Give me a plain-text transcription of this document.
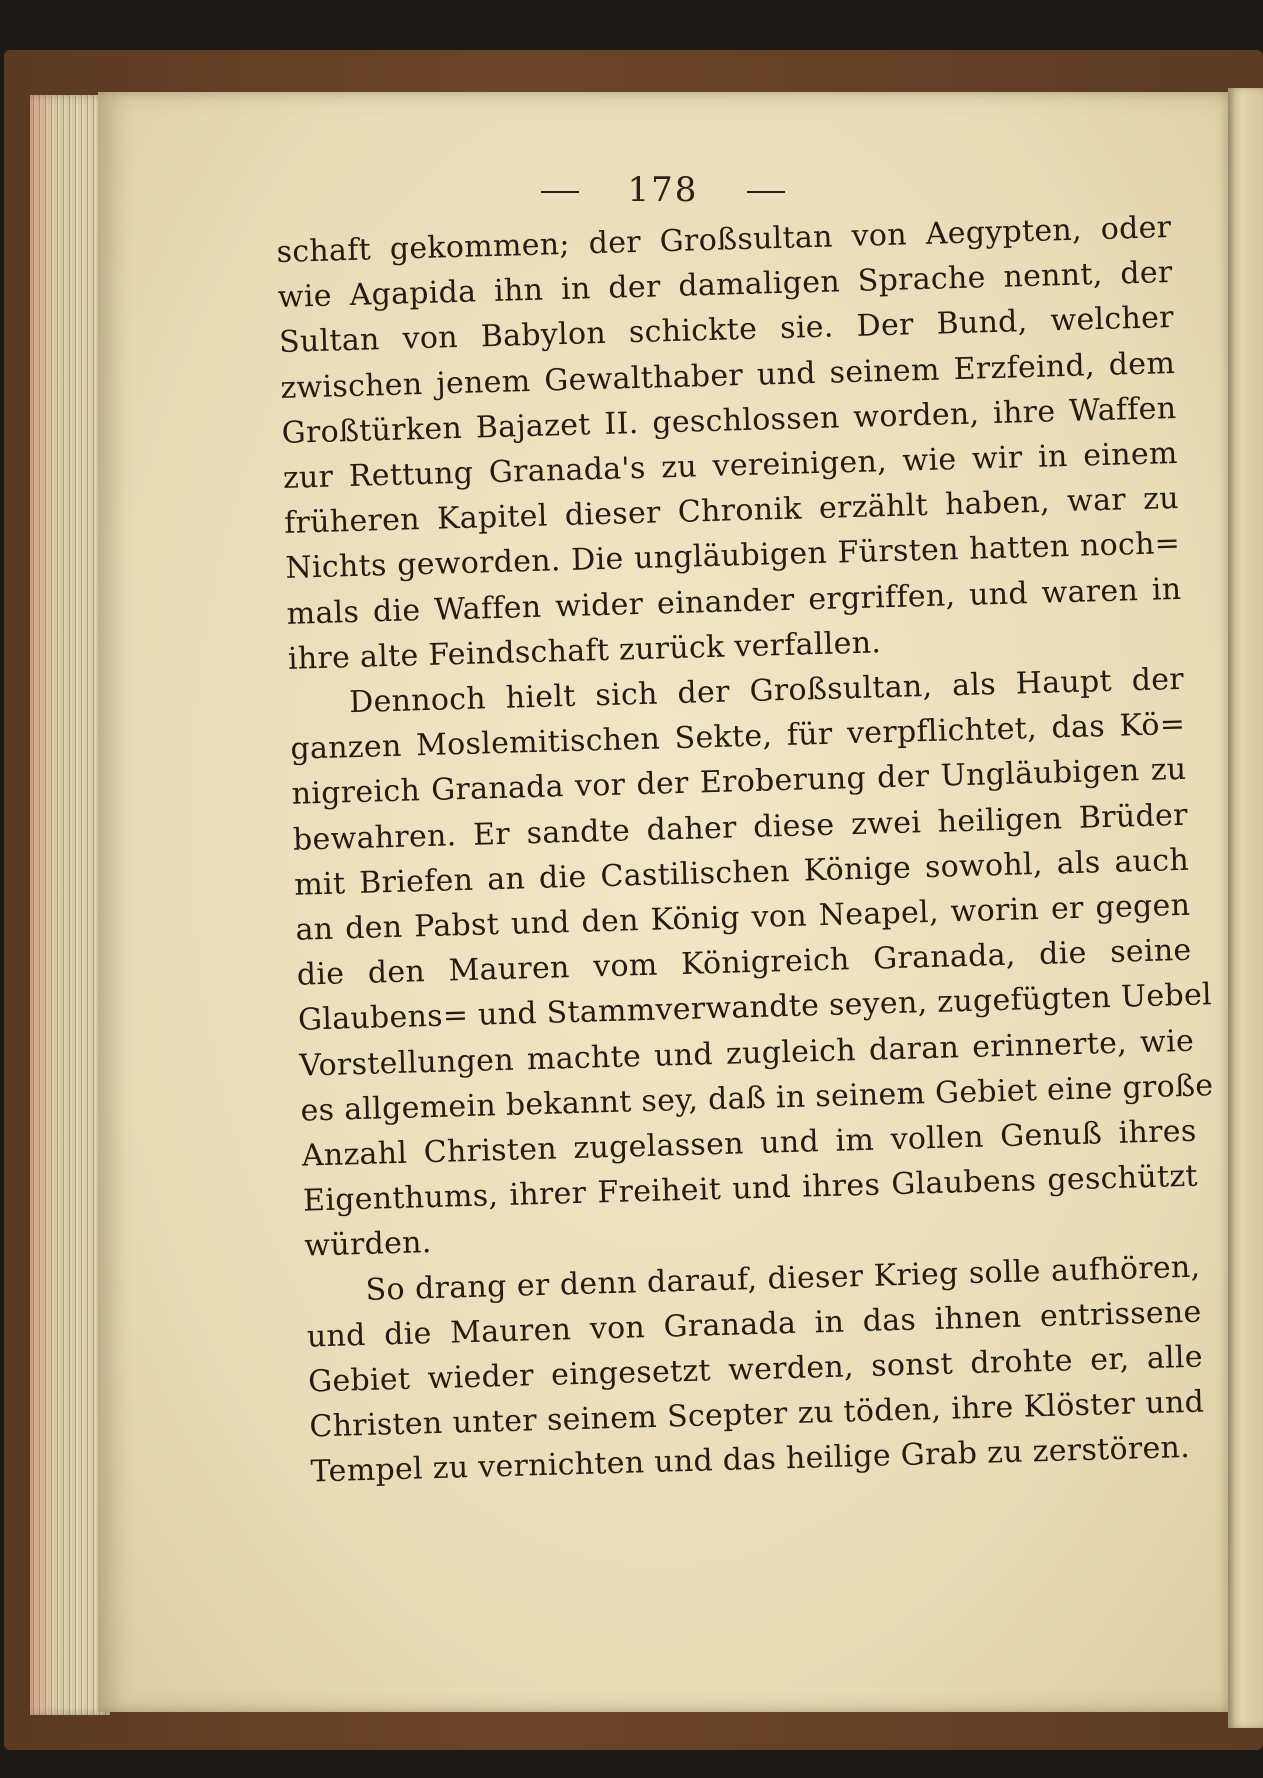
178
schaft gekommen; der Großsultan von Aegypten, oder
wie Agapida ihn in der damaligen Sprache nennt, der
Sultan von Babylon schickte sie. Der Bund, welcher
zwischen jenem Gewalthaber und seinem Erzfeind, dem
Großtürken Bajazet II. geschlossen worden, ihre Waffen
zur Rettung Granada's zu vereinigen, wie wir in einem
früheren Kapitel dieser Chronik erzählt haben, war zu
Nichts geworden. Die ungläubigen Fürsten hatten noch=
mals die Waffen wider einander ergriffen, und waren in
ihre alte Feindschaft zurück verfallen.
Dennoch hielt sich der Großsultan, als Haupt der
ganzen Moslemitischen Sekte, für verpflichtet, das Kö=
nigreich Granada vor der Eroberung der Ungläubigen zu
bewahren. Er sandte daher diese zwei heiligen Brüder
mit Briefen an die Castilischen Könige sowohl, als auch
an den Pabst und den König von Neapel, worin er gegen
die den Mauren vom Königreich Granada, die seine
Glaubens= und Stammverwandte seyen, zugefügten Uebel
Vorstellungen machte und zugleich daran erinnerte, wie
es allgemein bekannt sey, daß in seinem Gebiet eine große
Anzahl Christen zugelassen und im vollen Genuß ihres
Eigenthums, ihrer Freiheit und ihres Glaubens geschützt
würden.
So drang er denn darauf, dieser Krieg solle aufhören,
und die Mauren von Granada in das ihnen entrissene
Gebiet wieder eingesetzt werden, sonst drohte er, alle
Christen unter seinem Scepter zu töden, ihre Klöster und
Tempel zu vernichten und das heilige Grab zu zerstören.
